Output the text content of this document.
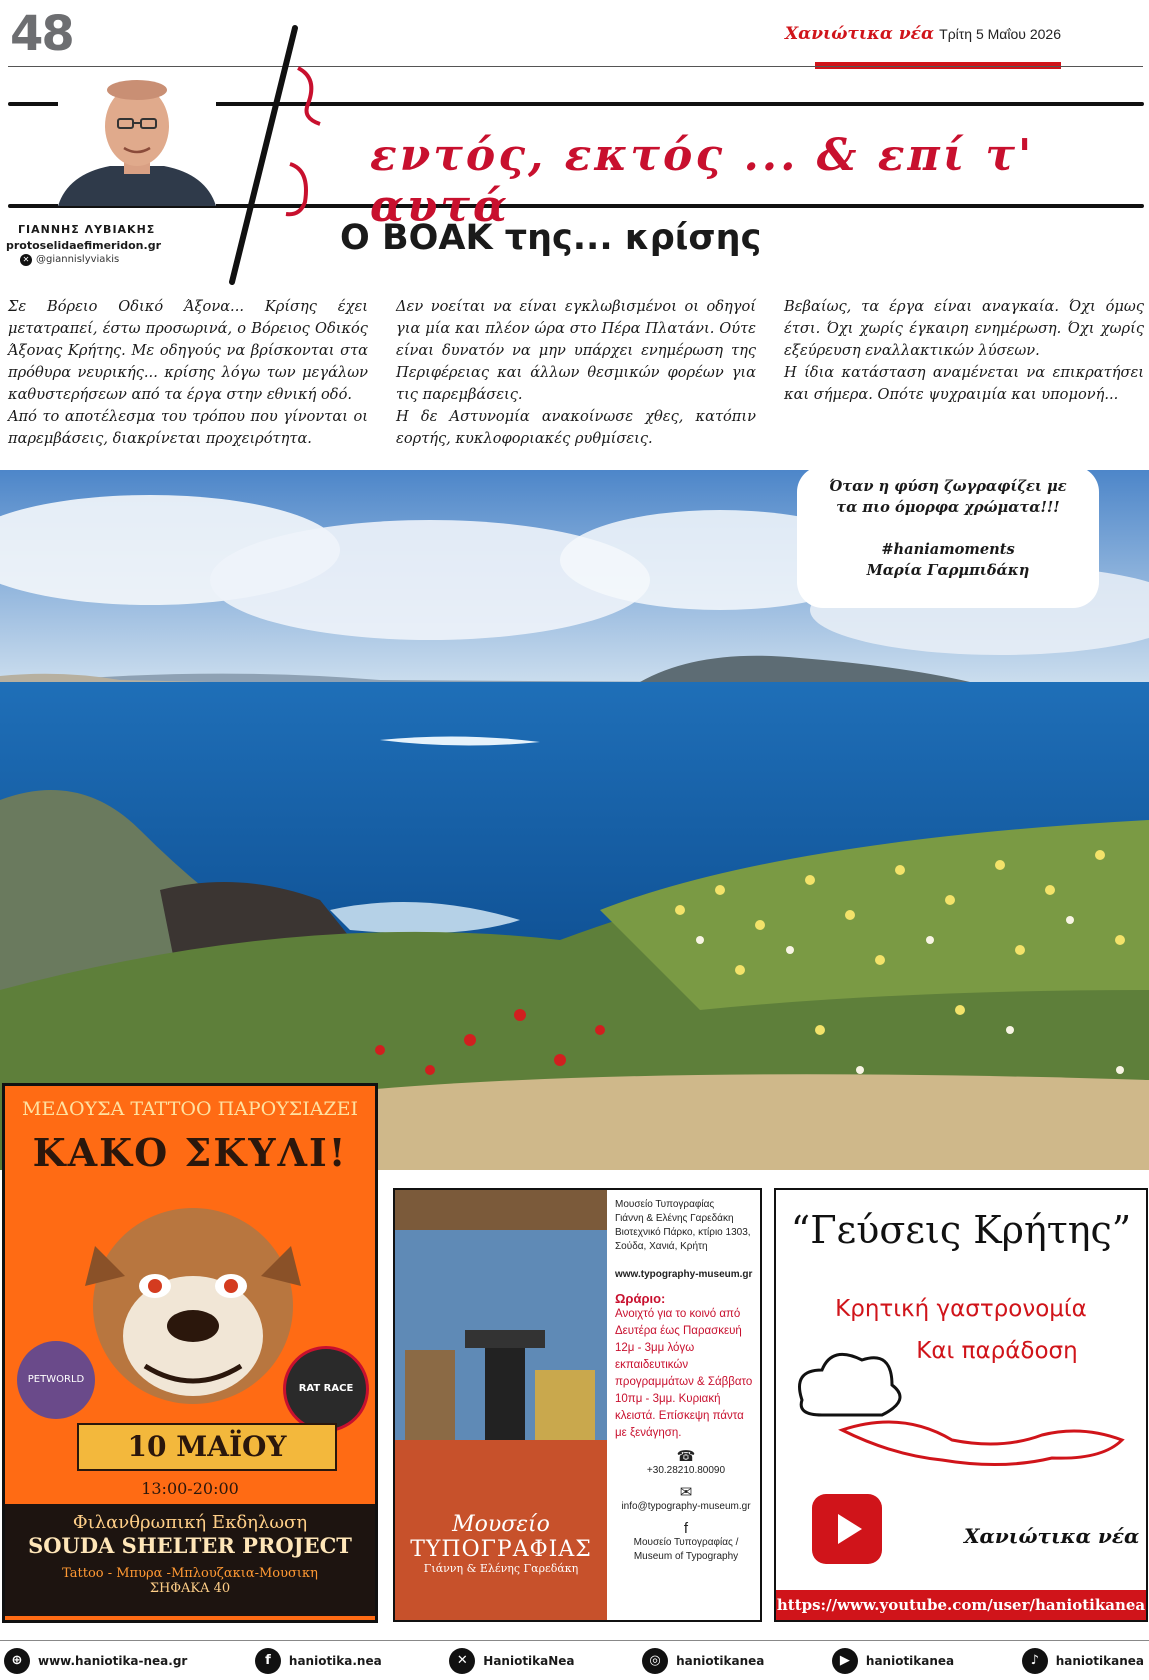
48	Χανιώτικα νέα Τρίτη 5 Μαΐου 2026
εντός, εκτός ... & επί τ' αυτά
ΓΙΑΝΝΗΣ ΛΥΒΙΑΚΗΣ
protoselidaefimeridon.gr
✕ @giannislyviakis
Ο ΒΟΑΚ της... κρίσης

Σε Βόρειο Οδικό Άξονα... Κρίσης έχει μετατραπεί, έστω προσωρινά, ο Βόρειος Οδικός Άξονας Κρήτης. Με οδηγούς να βρίσκονται στα πρόθυρα νευρικής... κρίσης λόγω των μεγάλων καθυστερήσεων από τα έργα στην εθνική οδό.

Από το αποτέλεσμα του τρόπου που γίνονται οι παρεμβάσεις, διακρίνεται προχειρότητα.

Δεν νοείται να είναι εγκλωβισμένοι οι οδηγοί για μία και πλέον ώρα στο Πέρα Πλατάνι. Ούτε είναι δυνατόν να μην υπάρχει ενημέρωση της Περιφέρειας και άλλων θεσμικών φορέων για τις παρεμβάσεις.

Η δε Αστυνομία ανακοίνωσε χθες, κατόπιν εορτής, κυκλοφοριακές ρυθμίσεις.

Βεβαίως, τα έργα είναι αναγκαία. Όχι όμως έτσι. Όχι χωρίς έγκαιρη ενημέρωση. Όχι χωρίς εξεύρευση εναλλακτικών λύσεων.

Η ίδια κατάσταση αναμένεται να επικρατήσει και σήμερα. Οπότε ψυχραιμία και υπομονή...

Όταν η φύση ζωγραφίζει με
τα πιο όμορφα χρώματα!!!
#haniamoments
Μαρία Γαρμπιδάκη
ΜΕΔΟΥΣΑ TATTOO ΠΑΡΟΥΣΙΑΖΕΙ
ΚΑΚΟ ΣΚΥΛΙ!
PETWORLD
RAT RACE
10 ΜΑΪΟΥ
13:00-20:00
Φιλανθρωπική Εκδηλωση
SOUDA SHELTER PROJECT
Tattoo - Μπυρα -Μπλουζακια-Μουσικη
ΣΗΦΑΚΑ 40
Μουσείο
ΤΥΠΟΓΡΑΦΙΑΣ
Γιάννη & Ελένης Γαρεδάκη
Μουσείο Τυπογραφίας
Γιάννη & Ελένης Γαρεδάκη
Βιοτεχνικό Πάρκο, κτίριο 1303, Σούδα, Χανιά, Κρήτη
www.typography-museum.gr
Ωράριο:
Ανοιχτό για το κοινό από Δευτέρα έως Παρασκευή 12μ - 3μμ λόγω εκπαιδευτικών προγραμμάτων & Σάββατο 10πμ - 3μμ. Κυριακή κλειστά. Επίσκεψη πάντα με ξενάγηση.
☎
+30.28210.80090
✉
info@typography-museum.gr
f
Μουσείο Τυπογραφίας / Museum of Typography
“Γεύσεις Κρήτης”
Κρητική γαστρονομία
Και παράδοση
Χανιώτικα νέα
https://www.youtube.com/user/haniotikanea
⊕	www.haniotika-nea.gr	f	haniotika.nea	✕	HaniotikaNea	◎	haniotikanea	▶	haniotikanea	♪	haniotikanea
